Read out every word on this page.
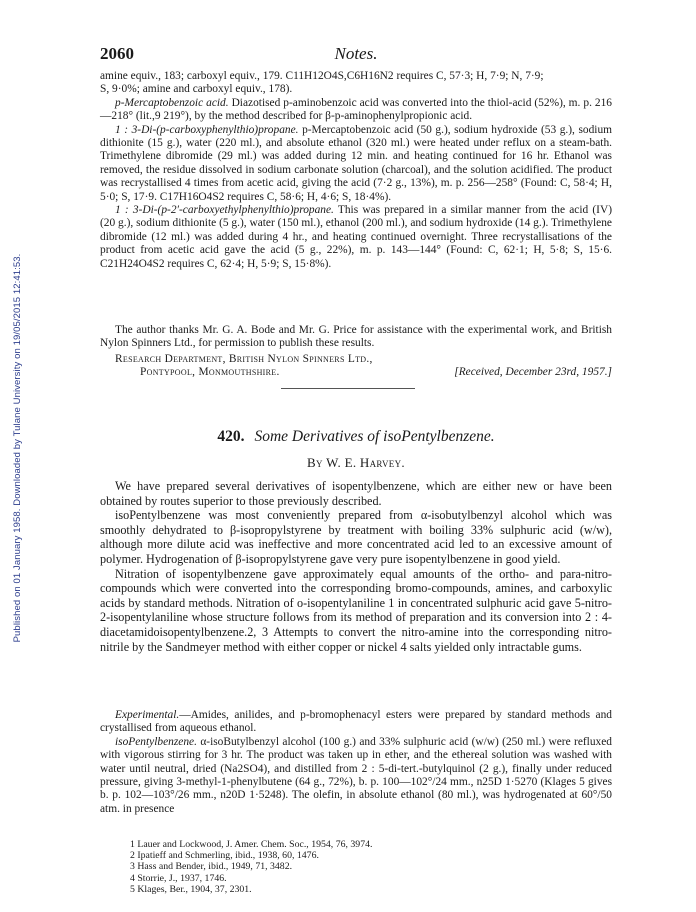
Published on 01 January 1958. Downloaded by Tulane University on 19/05/2015 12:41:53.
2060	Notes.

amine equiv., 183; carboxyl equiv., 179. C11H12O4S,C6H16N2 requires C, 57·3; H, 7·9; N, 7·9;

S, 9·0%; amine and carboxyl equiv., 178).

p-Mercaptobenzoic acid. Diazotised p-aminobenzoic acid was converted into the thiol-acid (52%), m. p. 216—218° (lit.,9 219°), by the method described for β-p-aminophenylpropionic acid.

1 : 3-Di-(p-carboxyphenylthio)propane. p-Mercaptobenzoic acid (50 g.), sodium hydroxide (53 g.), sodium dithionite (15 g.), water (220 ml.), and absolute ethanol (320 ml.) were heated under reflux on a steam-bath. Trimethylene dibromide (29 ml.) was added during 12 min. and heating continued for 16 hr. Ethanol was removed, the residue dissolved in sodium carbonate solution (charcoal), and the solution acidified. The product was recrystallised 4 times from acetic acid, giving the acid (7·2 g., 13%), m. p. 256—258° (Found: C, 58·4; H, 5·0; S, 17·9. C17H16O4S2 requires C, 58·6; H, 4·6; S, 18·4%).

1 : 3-Di-(p-2′-carboxyethylphenylthio)propane. This was prepared in a similar manner from the acid (IV) (20 g.), sodium dithionite (5 g.), water (150 ml.), ethanol (200 ml.), and sodium hydroxide (14 g.). Trimethylene dibromide (12 ml.) was added during 4 hr., and heating continued overnight. Three recrystallisations of the product from acetic acid gave the acid (5 g., 22%), m. p. 143—144° (Found: C, 62·1; H, 5·8; S, 15·6. C21H24O4S2 requires C, 62·4; H, 5·9; S, 15·8%).

The author thanks Mr. G. A. Bode and Mr. G. Price for assistance with the experimental work, and British Nylon Spinners Ltd., for permission to publish these results.

Research Department, British Nylon Spinners Ltd.,
Pontypool, Monmouthshire.	[Received, December 23rd, 1957.]
420. Some Derivatives of isoPentylbenzene.
By W. E. Harvey.

We have prepared several derivatives of isopentylbenzene, which are either new or have been obtained by routes superior to those previously described.

isoPentylbenzene was most conveniently prepared from α-isobutylbenzyl alcohol which was smoothly dehydrated to β-isopropylstyrene by treatment with boiling 33% sulphuric acid (w/w), although more dilute acid was ineffective and more concentrated acid led to an excessive amount of polymer. Hydrogenation of β-isopropylstyrene gave very pure isopentylbenzene in good yield.

Nitration of isopentylbenzene gave approximately equal amounts of the ortho- and para-nitro-compounds which were converted into the corresponding bromo-compounds, amines, and carboxylic acids by standard methods. Nitration of o-isopentylaniline 1 in concentrated sulphuric acid gave 5-nitro-2-isopentylaniline whose structure follows from its method of preparation and its conversion into 2 : 4-diacetamidoisopentylbenzene.2, 3 Attempts to convert the nitro-amine into the corresponding nitro-nitrile by the Sandmeyer method with either copper or nickel 4 salts yielded only intractable gums.

Experimental.—Amides, anilides, and p-bromophenacyl esters were prepared by standard methods and crystallised from aqueous ethanol.

isoPentylbenzene. α-isoButylbenzyl alcohol (100 g.) and 33% sulphuric acid (w/w) (250 ml.) were refluxed with vigorous stirring for 3 hr. The product was taken up in ether, and the ethereal solution was washed with water until neutral, dried (Na2SO4), and distilled from 2 : 5-di-tert.-butylquinol (2 g.), finally under reduced pressure, giving 3-methyl-1-phenylbutene (64 g., 72%), b. p. 100—102°/24 mm., n25D 1·5270 (Klages 5 gives b. p. 102—103°/26 mm., n20D 1·5248). The olefin, in absolute ethanol (80 ml.), was hydrogenated at 60°/50 atm. in presence

1 Lauer and Lockwood, J. Amer. Chem. Soc., 1954, 76, 3974.
2 Ipatieff and Schmerling, ibid., 1938, 60, 1476.
3 Hass and Bender, ibid., 1949, 71, 3482.
4 Storrie, J., 1937, 1746.
5 Klages, Ber., 1904, 37, 2301.
